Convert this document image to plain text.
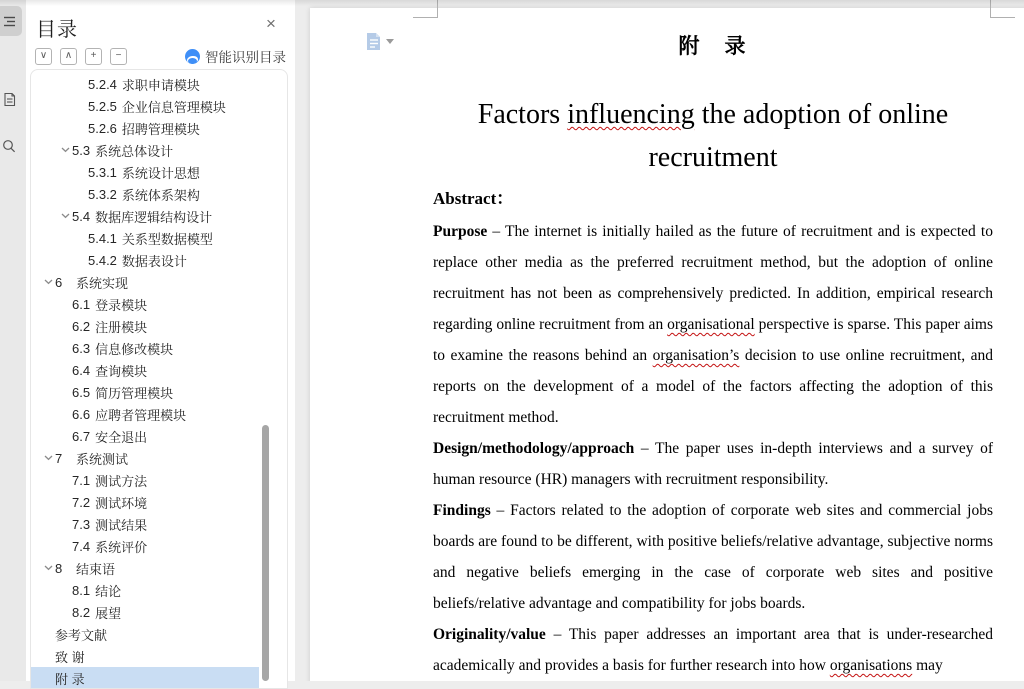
目录	×
∨	∧	+	−	智能识别目录
5.2.4 求职申请模块
5.2.5 企业信息管理模块
5.2.6 招聘管理模块
5.3 系统总体设计
5.3.1 系统设计思想
5.3.2 系统体系架构
5.4 数据库逻辑结构设计
5.4.1 关系型数据模型
5.4.2 数据表设计
6	系统实现
6.1 登录模块
6.2 注册模块
6.3 信息修改模块
6.4 查询模块
6.5 简历管理模块
6.6 应聘者管理模块
6.7 安全退出
7	系统测试
7.1 测试方法
7.2 测试环境
7.3 测试结果
7.4 系统评价
8	结束语
8.1 结论
8.2 展望
参考文献
致 谢
附 录
附　录
Factors influencing the adoption of online recruitment
Abstract：

Purpose – The internet is initially hailed as the future of recruitment and is expected to replace other media as the preferred recruitment method, but the adoption of online recruitment has not been as comprehensively predicted. In addition, empirical research regarding online recruitment from an organisational perspective is sparse. This paper aims to examine the reasons behind an organisation’s decision to use online recruitment, and reports on the development of a model of the factors affecting the adoption of this recruitment method.

Design/methodology/approach – The paper uses in-depth interviews and a survey of human resource (HR) managers with recruitment responsibility.

Findings – Factors related to the adoption of corporate web sites and commercial jobs boards are found to be different, with positive beliefs/relative advantage, subjective norms and negative beliefs emerging in the case of corporate web sites and positive beliefs/relative advantage and compatibility for jobs boards.

Originality/value – This paper addresses an important area that is under-researched academically and provides a basis for further research into how organisations may
